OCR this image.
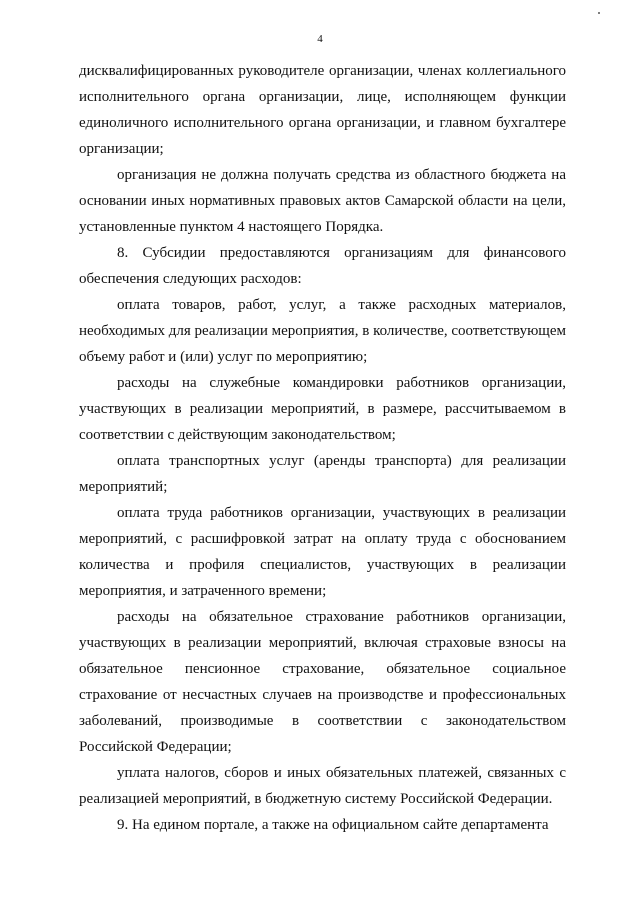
4

дисквалифицированных руководителе организации, членах коллегиального исполнительного органа организации, лице, исполняющем функции единоличного исполнительного органа организации, и главном бухгалтере организации;

организация не должна получать средства из областного бюджета на основании иных нормативных правовых актов Самарской области на цели, установленные пунктом 4 настоящего Порядка.

8. Субсидии предоставляются организациям для финансового обеспечения следующих расходов:

оплата товаров, работ, услуг, а также расходных материалов, необходимых для реализации мероприятия, в количестве, соответствующем объему работ и (или) услуг по мероприятию;

расходы на служебные командировки работников организации, участвующих в реализации мероприятий, в размере, рассчитываемом в соответствии с действующим законодательством;

оплата транспортных услуг (аренды транспорта) для реализации мероприятий;

оплата труда работников организации, участвующих в реализации мероприятий, с расшифровкой затрат на оплату труда с обоснованием количества и профиля специалистов, участвующих в реализации мероприятия, и затраченного времени;

расходы на обязательное страхование работников организации, участвующих в реализации мероприятий, включая страховые взносы на обязательное пенсионное страхование, обязательное социальное страхование от несчастных случаев на производстве и профессиональных заболеваний, производимые в соответствии с законодательством Российской Федерации;

уплата налогов, сборов и иных обязательных платежей, связанных с реализацией мероприятий, в бюджетную систему Российской Федерации.

9. На едином портале, а также на официальном сайте департамента
